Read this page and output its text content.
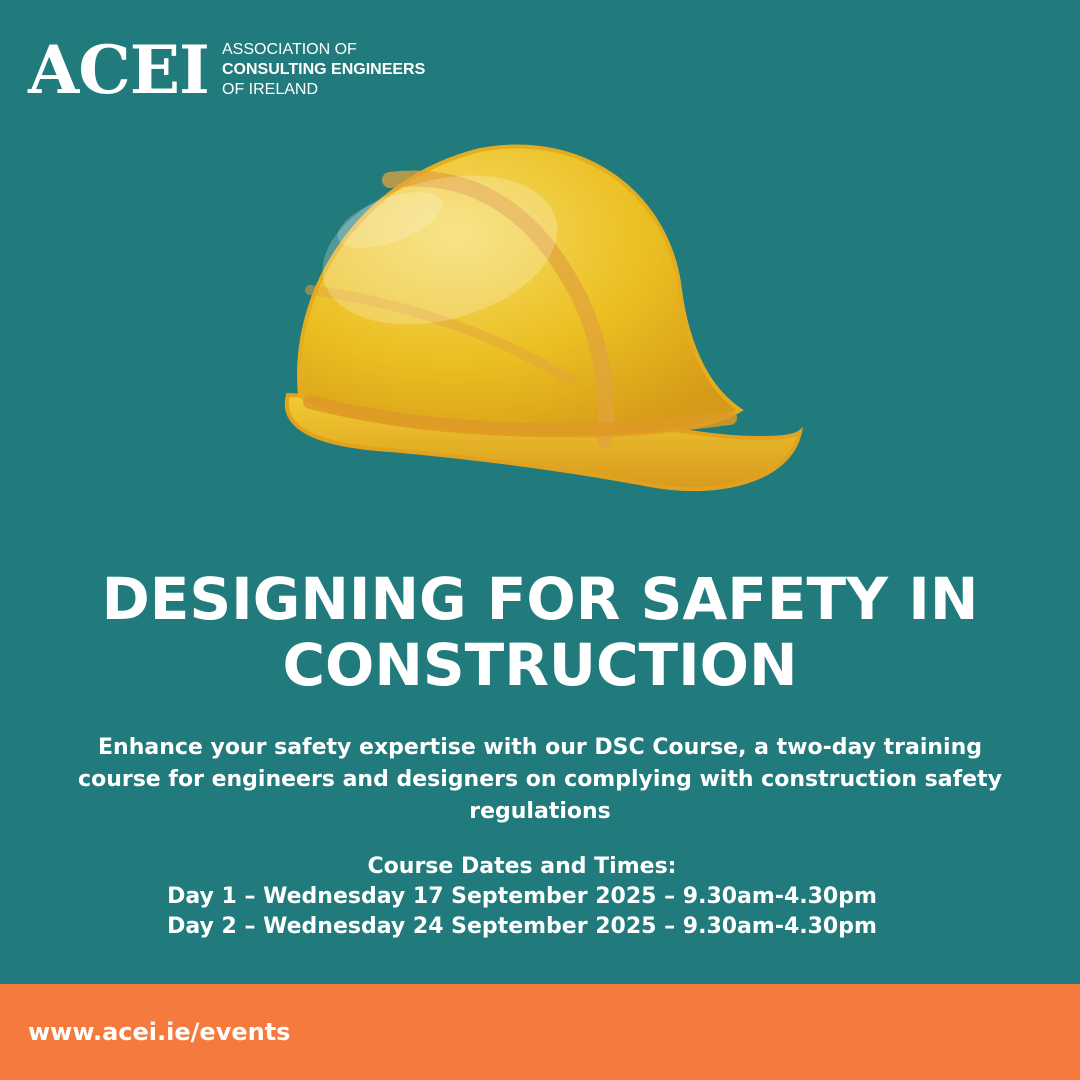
ACEI ASSOCIATION OF
CONSULTING ENGINEERS
OF IRELAND
DESIGNING FOR SAFETY IN
CONSTRUCTION
Enhance your safety expertise with our DSC Course, a two-day training
course for engineers and designers on complying with construction safety
regulations
Course Dates and Times:
Day 1 – Wednesday 17 September 2025 – 9.30am-4.30pm
Day 2 – Wednesday 24 September 2025 – 9.30am-4.30pm
www.acei.ie/events
